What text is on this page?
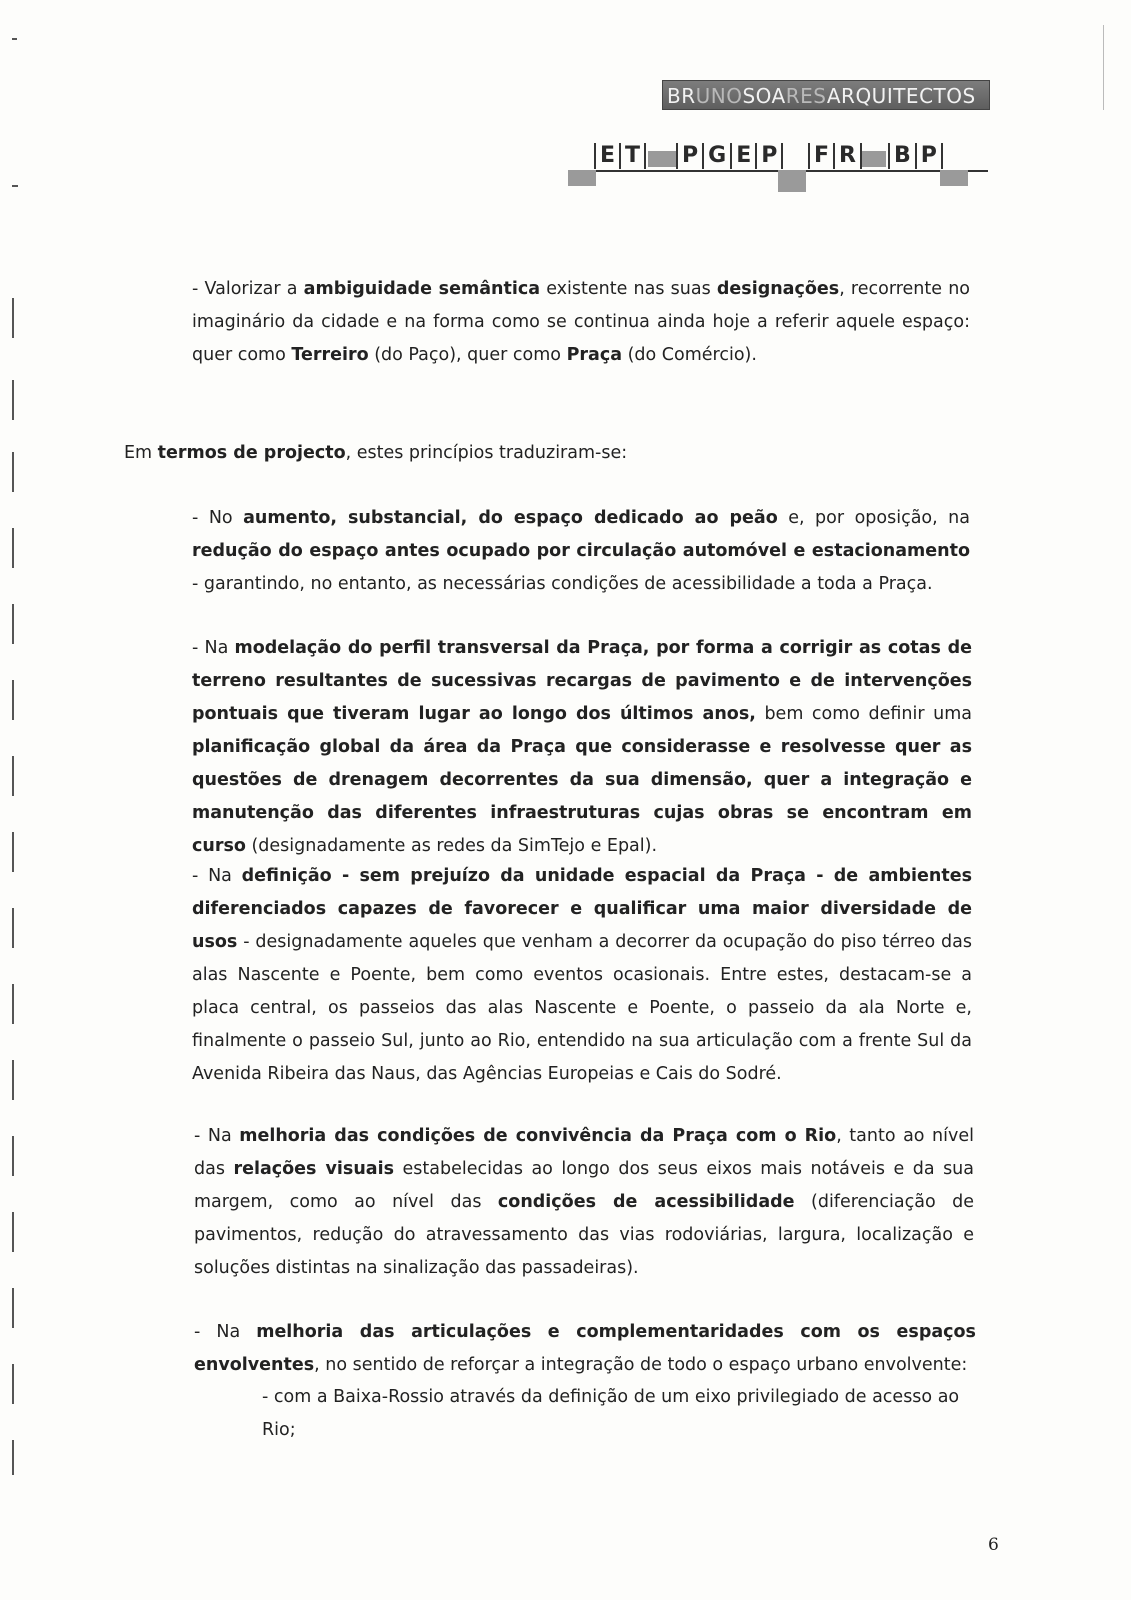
BRUNOSOARESARQUITECTOS
E T P G E P F R B P

- Valorizar a ambiguidade semântica existente nas suas designações, recorrente no imaginário da cidade e na forma como se continua ainda hoje a referir aquele espaço: quer como Terreiro (do Paço), quer como Praça (do Comércio).

Em termos de projecto, estes princípios traduziram-se:

- No aumento, substancial, do espaço dedicado ao peão e, por oposição, na redução do espaço antes ocupado por circulação automóvel e estacionamento - garantindo, no entanto, as necessárias condições de acessibilidade a toda a Praça.

- Na modelação do perfil transversal da Praça, por forma a corrigir as cotas de terreno resultantes de sucessivas recargas de pavimento e de intervenções pontuais que tiveram lugar ao longo dos últimos anos, bem como definir uma planificação global da área da Praça que considerasse e resolvesse quer as questões de drenagem decorrentes da sua dimensão, quer a integração e manutenção das diferentes infraestruturas cujas obras se encontram em curso (designadamente as redes da SimTejo e Epal).

- Na definição - sem prejuízo da unidade espacial da Praça - de ambientes diferenciados capazes de favorecer e qualificar uma maior diversidade de usos - designadamente aqueles que venham a decorrer da ocupação do piso térreo das alas Nascente e Poente, bem como eventos ocasionais. Entre estes, destacam-se a placa central, os passeios das alas Nascente e Poente, o passeio da ala Norte e, finalmente o passeio Sul, junto ao Rio, entendido na sua articulação com a frente Sul da Avenida Ribeira das Naus, das Agências Europeias e Cais do Sodré.

- Na melhoria das condições de convivência da Praça com o Rio, tanto ao nível das relações visuais estabelecidas ao longo dos seus eixos mais notáveis e da sua margem, como ao nível das condições de acessibilidade (diferenciação de pavimentos, redução do atravessamento das vias rodoviárias, largura, localização e soluções distintas na sinalização das passadeiras).

- Na melhoria das articulações e complementaridades com os espaços envolventes, no sentido de reforçar a integração de todo o espaço urbano envolvente:

- com a Baixa-Rossio através da definição de um eixo privilegiado de acesso ao Rio;

6
